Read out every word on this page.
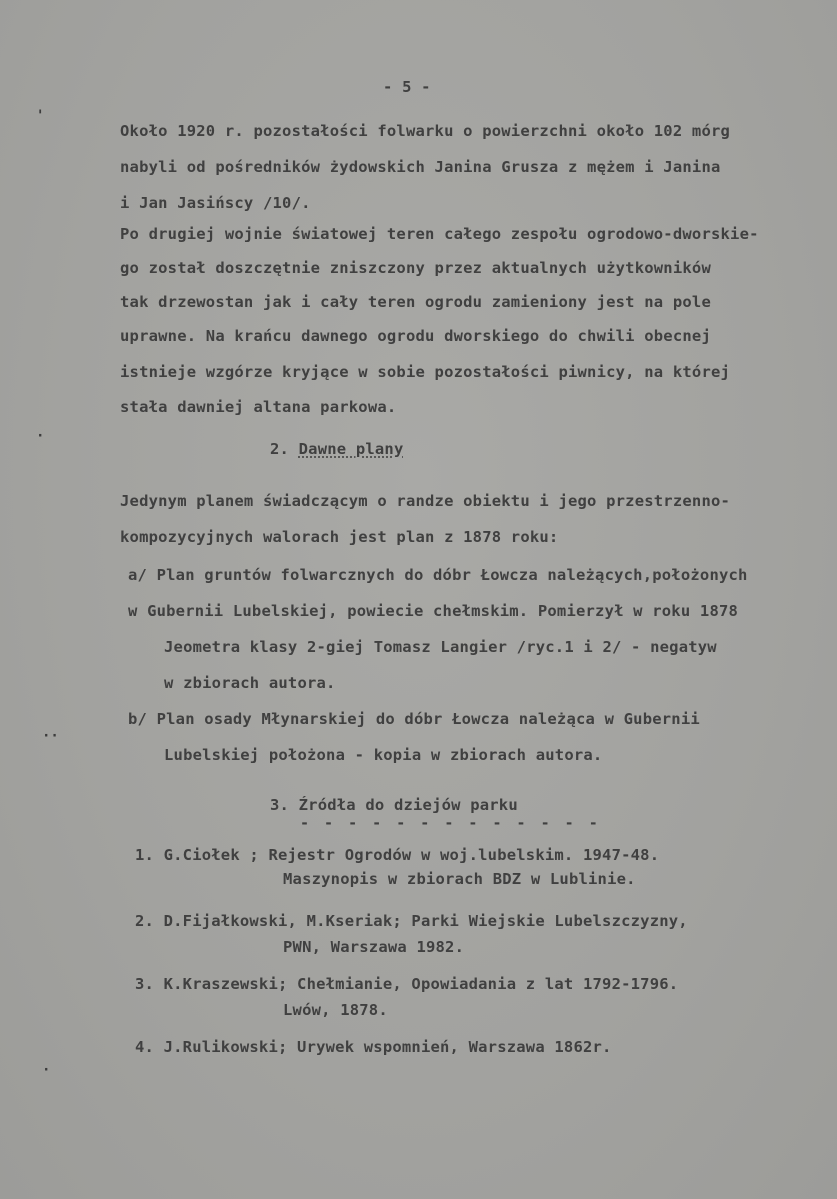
'
·
··
·
- 5 -
Około 1920 r. pozostałości folwarku o powierzchni około 102 mórg
nabyli od pośredników żydowskich Janina Grusza z mężem i Janina
i Jan Jasińscy /10/.
Po drugiej wojnie światowej teren całego zespołu ogrodowo-dworskie-
go został doszczętnie zniszczony przez aktualnych użytkowników
tak drzewostan jak i cały teren ogrodu zamieniony jest na pole
uprawne. Na krańcu dawnego ogrodu dworskiego do chwili obecnej
istnieje wzgórze kryjące w sobie pozostałości piwnicy, na której
stała dawniej altana parkowa.
2. Dawne plany
Jedynym planem świadczącym o randze obiektu i jego przestrzenno-
kompozycyjnych walorach jest plan z 1878 roku:
a/ Plan gruntów folwarcznych do dóbr Łowcza należących,położonych
w Gubernii Lubelskiej, powiecie chełmskim. Pomierzył w roku 1878
Jeometra klasy 2-giej Tomasz Langier /ryc.1 i 2/ - negatyw
w zbiorach autora.
b/ Plan osady Młynarskiej do dóbr Łowcza należąca w Gubernii
Lubelskiej położona - kopia w zbiorach autora.
3. Źródła do dziejów parku
- - - - - - - - - - - - -
1. G.Ciołek ; Rejestr Ogrodów w woj.lubelskim. 1947-48.
Maszynopis w zbiorach BDZ w Lublinie.
2. D.Fijałkowski, M.Kseriak; Parki Wiejskie Lubelszczyzny,
PWN, Warszawa 1982.
3. K.Kraszewski; Chełmianie, Opowiadania z lat 1792-1796.
Lwów, 1878.
4. J.Rulikowski; Urywek wspomnień, Warszawa 1862r.
